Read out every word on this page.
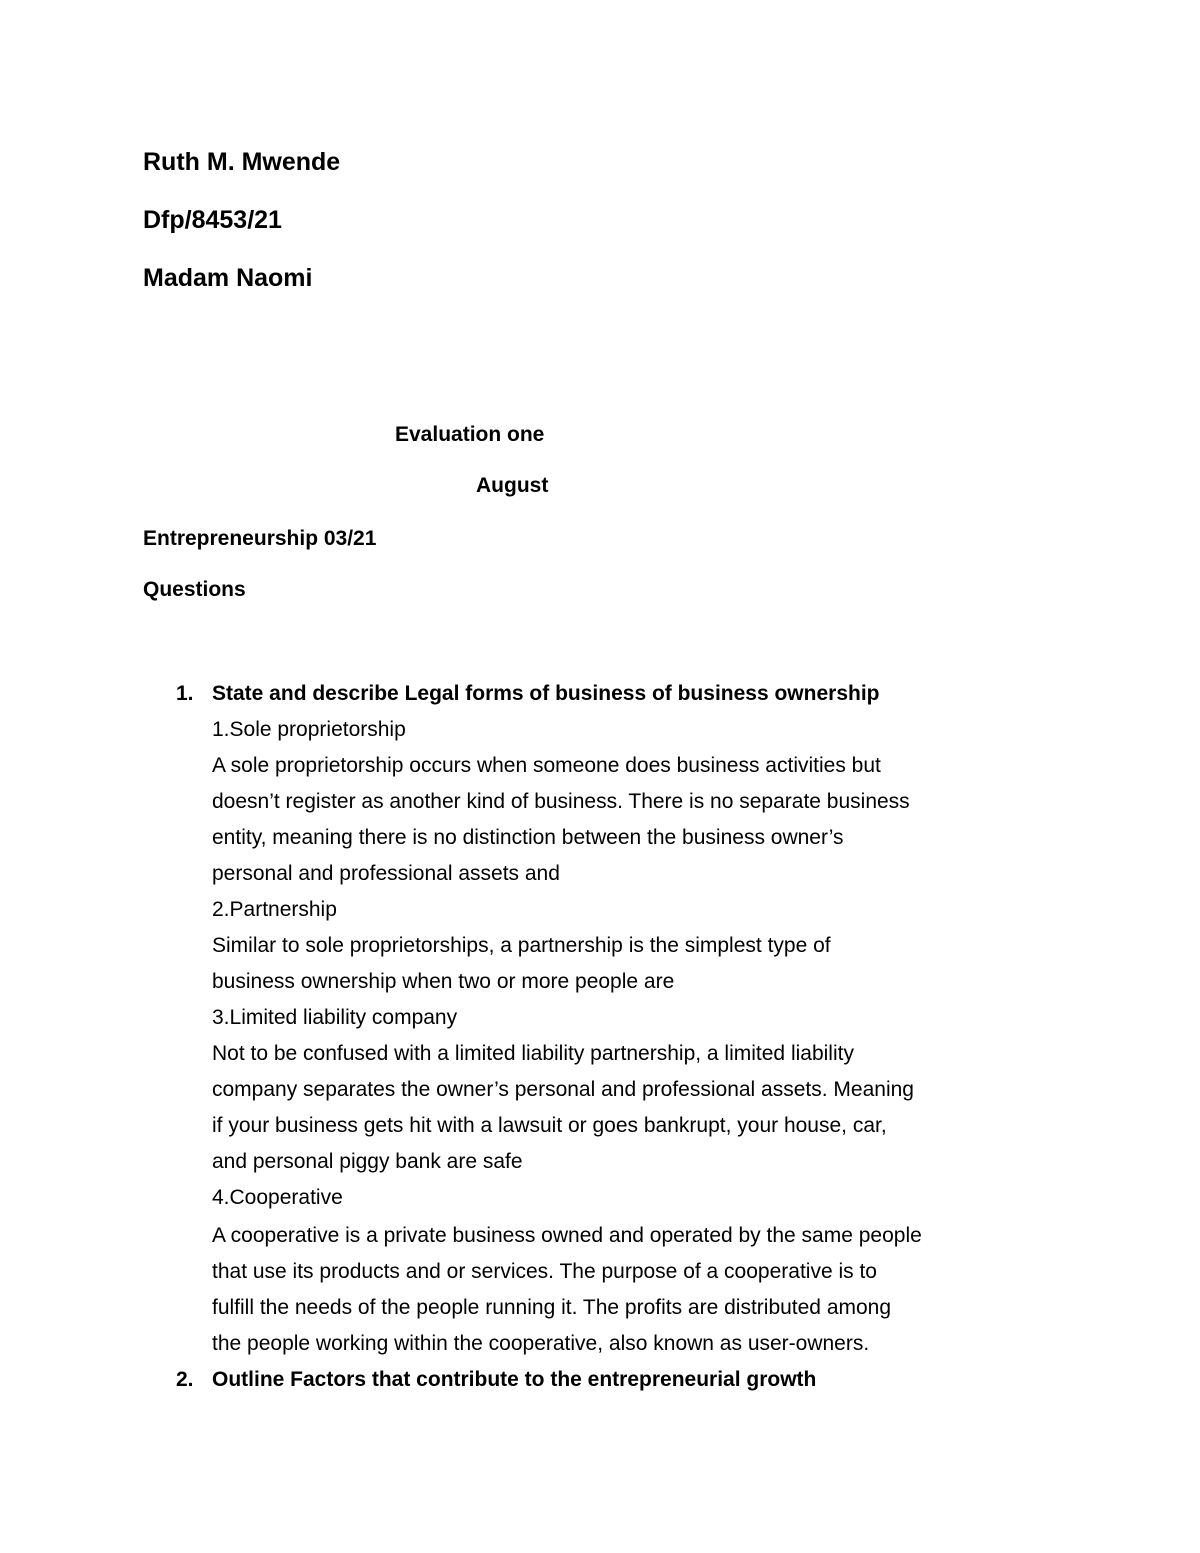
Ruth M. Mwende
Dfp/8453/21
Madam Naomi
Evaluation one
August
Entrepreneurship 03/21
Questions
1. State and describe Legal forms of business of business ownership
1.Sole proprietorship
A sole proprietorship occurs when someone does business activities but
doesn’t register as another kind of business. There is no separate business
entity, meaning there is no distinction between the business owner’s
personal and professional assets and
2.Partnership
Similar to sole proprietorships, a partnership is the simplest type of
business ownership when two or more people are
3.Limited liability company
Not to be confused with a limited liability partnership, a limited liability
company separates the owner’s personal and professional assets. Meaning
if your business gets hit with a lawsuit or goes bankrupt, your house, car,
and personal piggy bank are safe
4.Cooperative
A cooperative is a private business owned and operated by the same people
that use its products and or services. The purpose of a cooperative is to
fulfill the needs of the people running it. The profits are distributed among
the people working within the cooperative, also known as user-owners.
2. Outline Factors that contribute to the entrepreneurial growth
